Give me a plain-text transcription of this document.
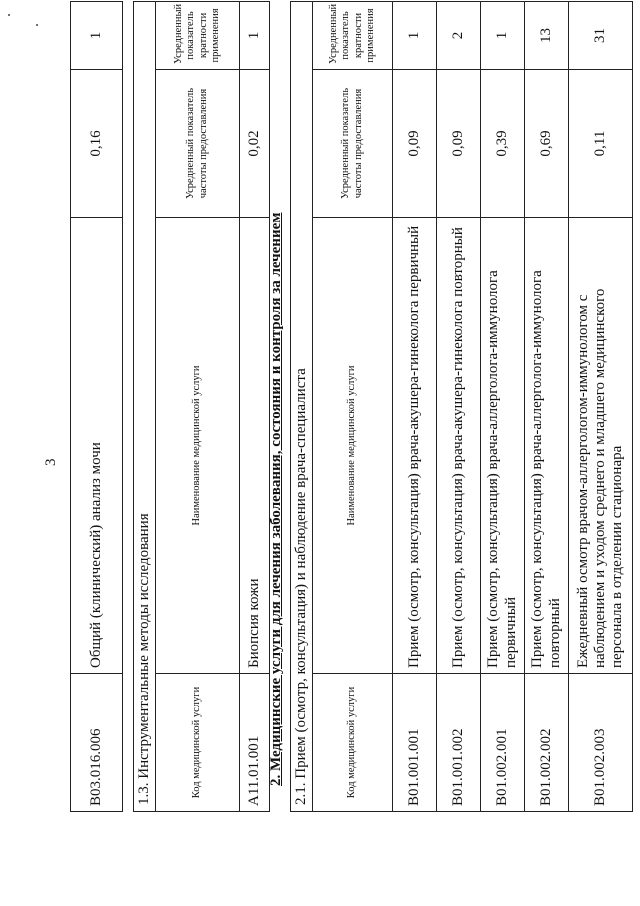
3
B03.016.006	Общий (клинический) анализ мочи	0,16	1
1.3. Инструментальные методы исследования			
Код медицинской услуги	Наименование медицинской услуги	Усредненный показатель частоты предоставления	Усредненный показатель кратности применения
A11.01.001	Биопсия кожи	0,02	1
2. Медицинские услуги для лечения заболевания, состояния и контроля за лечением 2.1. Прием (осмотр, консультация) и наблюдение врача-специалиста			
Код медицинской услуги	Наименование медицинской услуги	Усредненный показатель частоты предоставления	Усредненный показатель кратности применения
B01.001.001	Прием (осмотр, консультация) врача-акушера-гинеколога первичный	0,09	1
B01.001.002	Прием (осмотр, консультация) врача-акушера-гинеколога повторный	0,09	2
B01.002.001	Прием (осмотр, консультация) врача-аллерголога-иммунолога первичный	0,39	1
B01.002.002	Прием (осмотр, консультация) врача-аллерголога-иммунолога повторный	0,69	13
B01.002.003	Ежедневный осмотр врачом-аллергологом-иммунологом с наблюдением и уходом среднего и младшего медицинского персонала в отделении стационара	0,11	31
